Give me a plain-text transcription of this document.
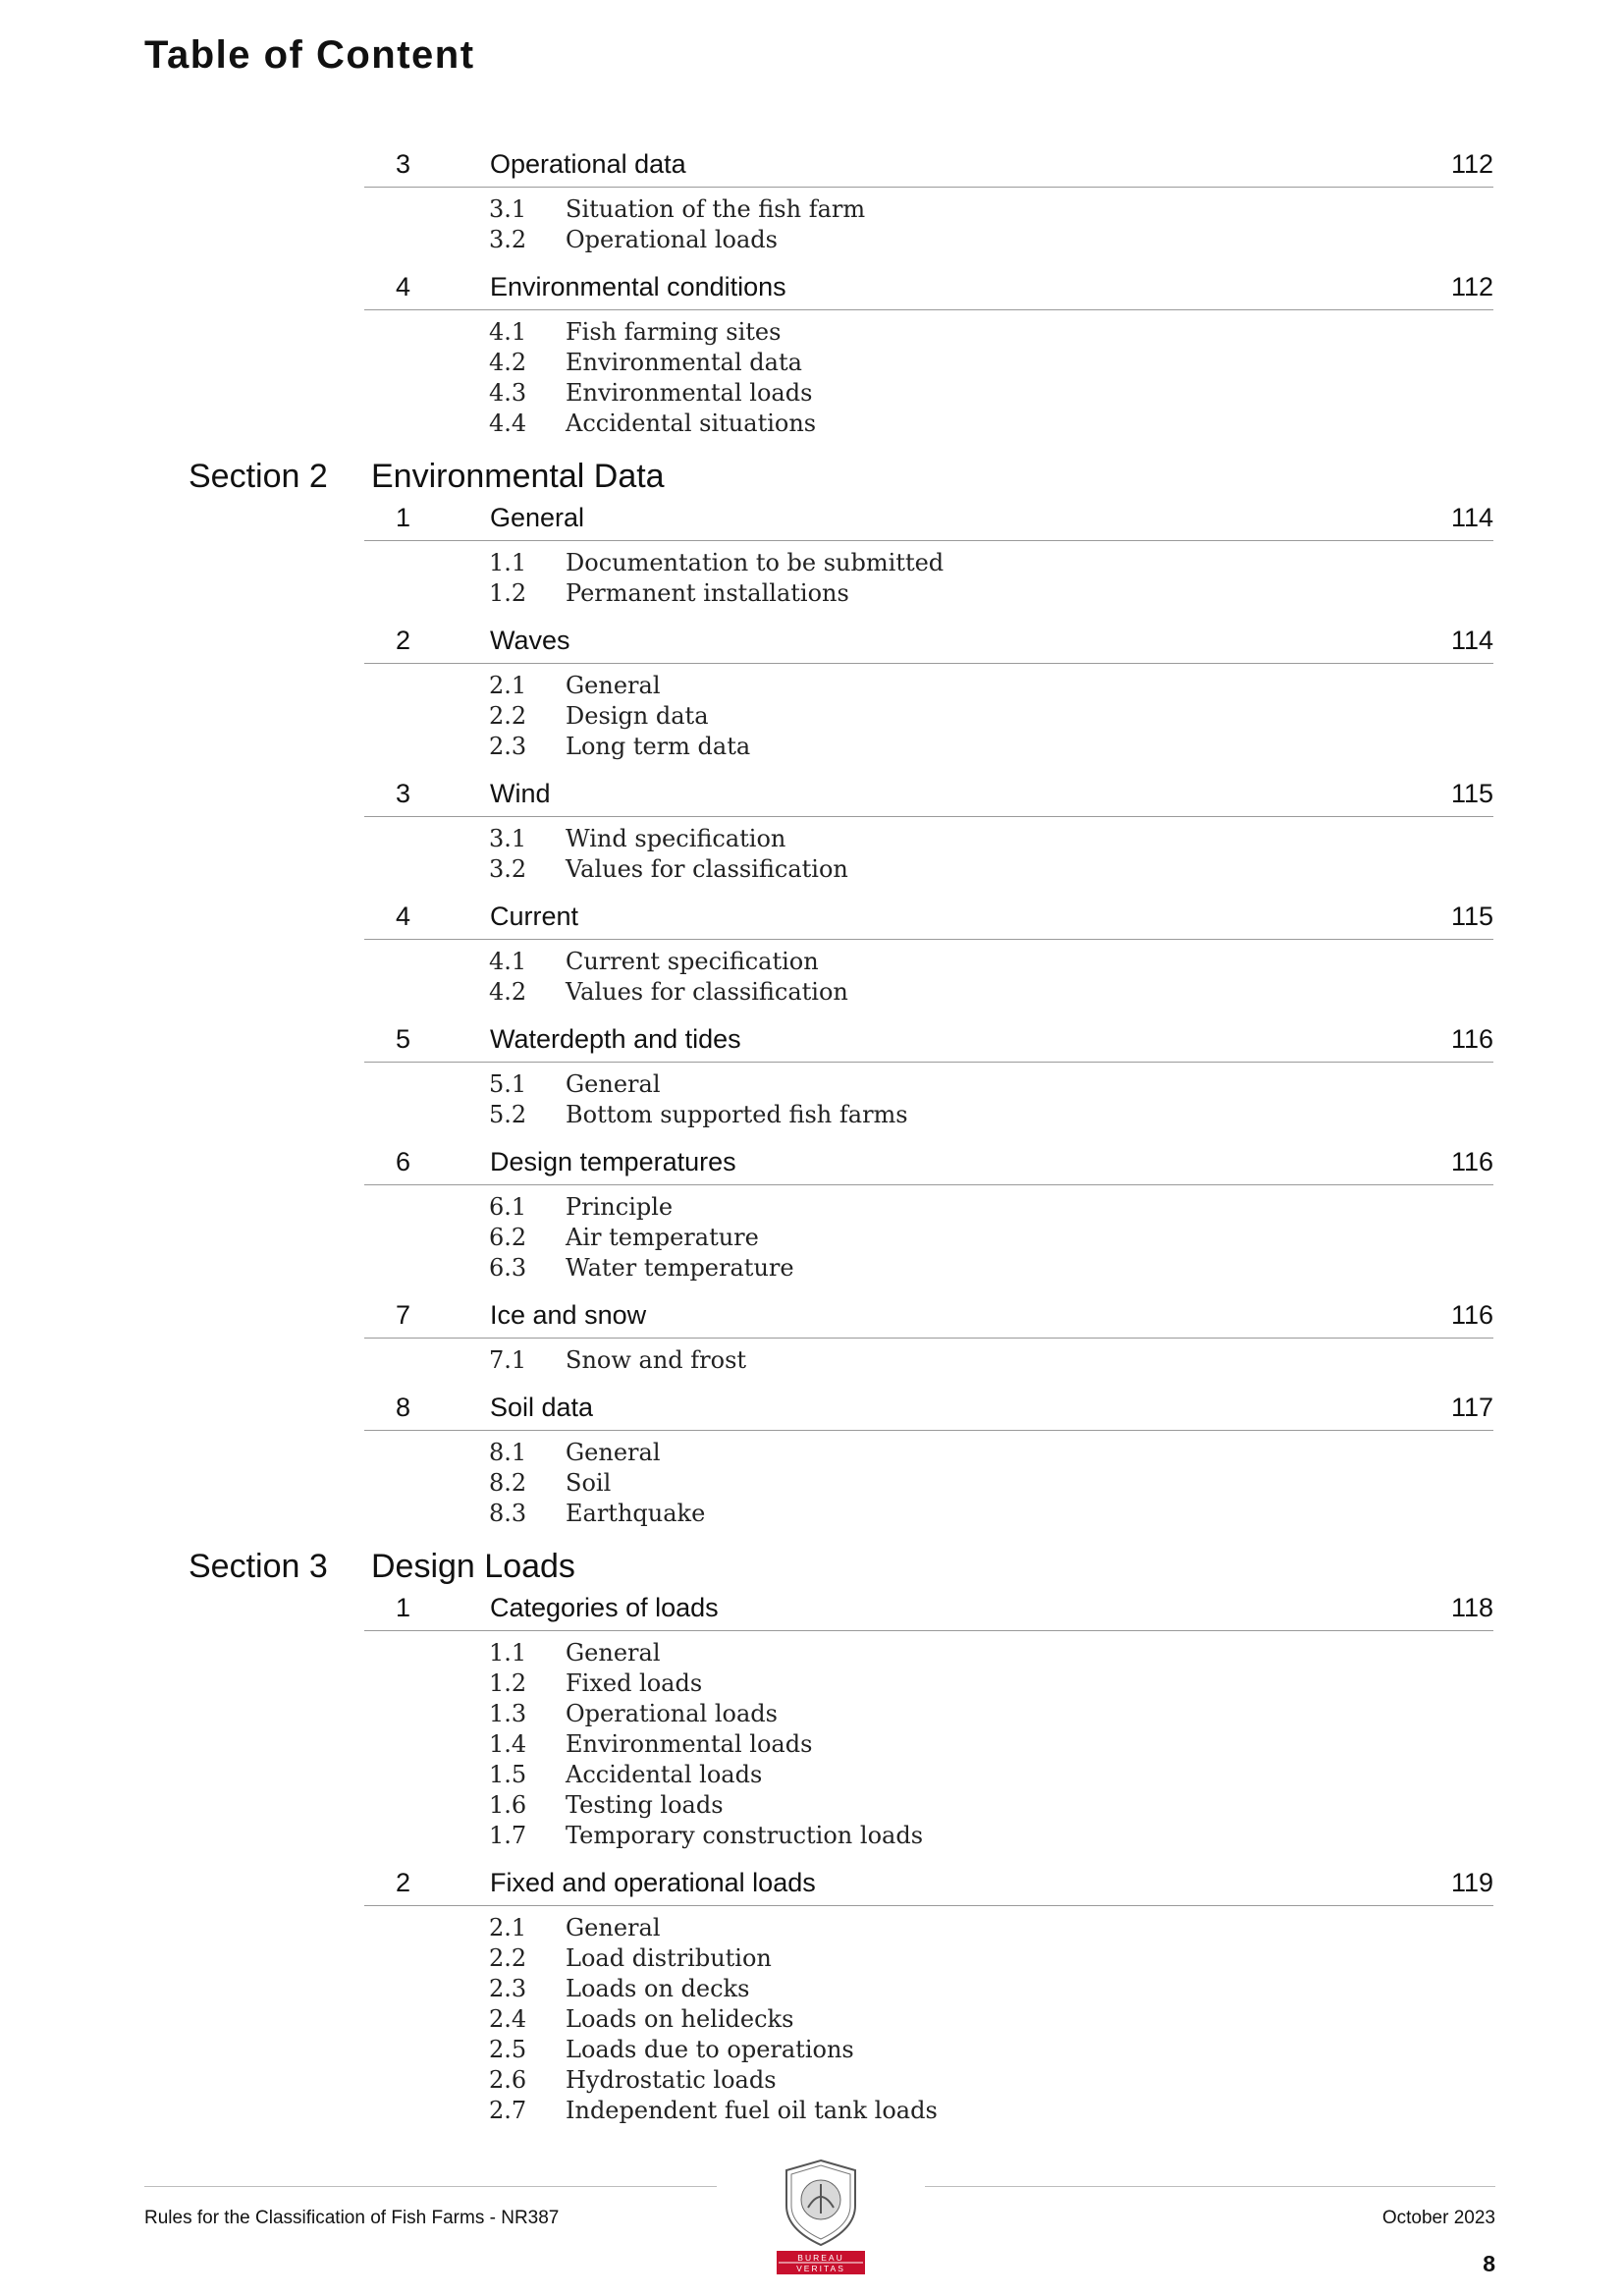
Table of Content
3	Operational data	112
3.1 Situation of the fish farm
3.2 Operational loads
4	Environmental conditions	112
4.1 Fish farming sites
4.2 Environmental data
4.3 Environmental loads
4.4 Accidental situations
Section 2 Environmental Data
1	General	114
1.1 Documentation to be submitted
1.2 Permanent installations
2	Waves	114
2.1 General
2.2 Design data
2.3 Long term data
3	Wind	115
3.1 Wind specification
3.2 Values for classification
4	Current	115
4.1 Current specification
4.2 Values for classification
5	Waterdepth and tides	116
5.1 General
5.2 Bottom supported fish farms
6	Design temperatures	116
6.1 Principle
6.2 Air temperature
6.3 Water temperature
7	Ice and snow	116
7.1 Snow and frost
8	Soil data	117
8.1 General
8.2 Soil
8.3 Earthquake
Section 3 Design Loads
1	Categories of loads	118
1.1 General
1.2 Fixed loads
1.3 Operational loads
1.4 Environmental loads
1.5 Accidental loads
1.6 Testing loads
1.7 Temporary construction loads
2	Fixed and operational loads	119
2.1 General
2.2 Load distribution
2.3 Loads on decks
2.4 Loads on helidecks
2.5 Loads due to operations
2.6 Hydrostatic loads
2.7 Independent fuel oil tank loads
Rules for the Classification of Fish Farms - NR387	October 2023
8
BUREAU
VERITAS
